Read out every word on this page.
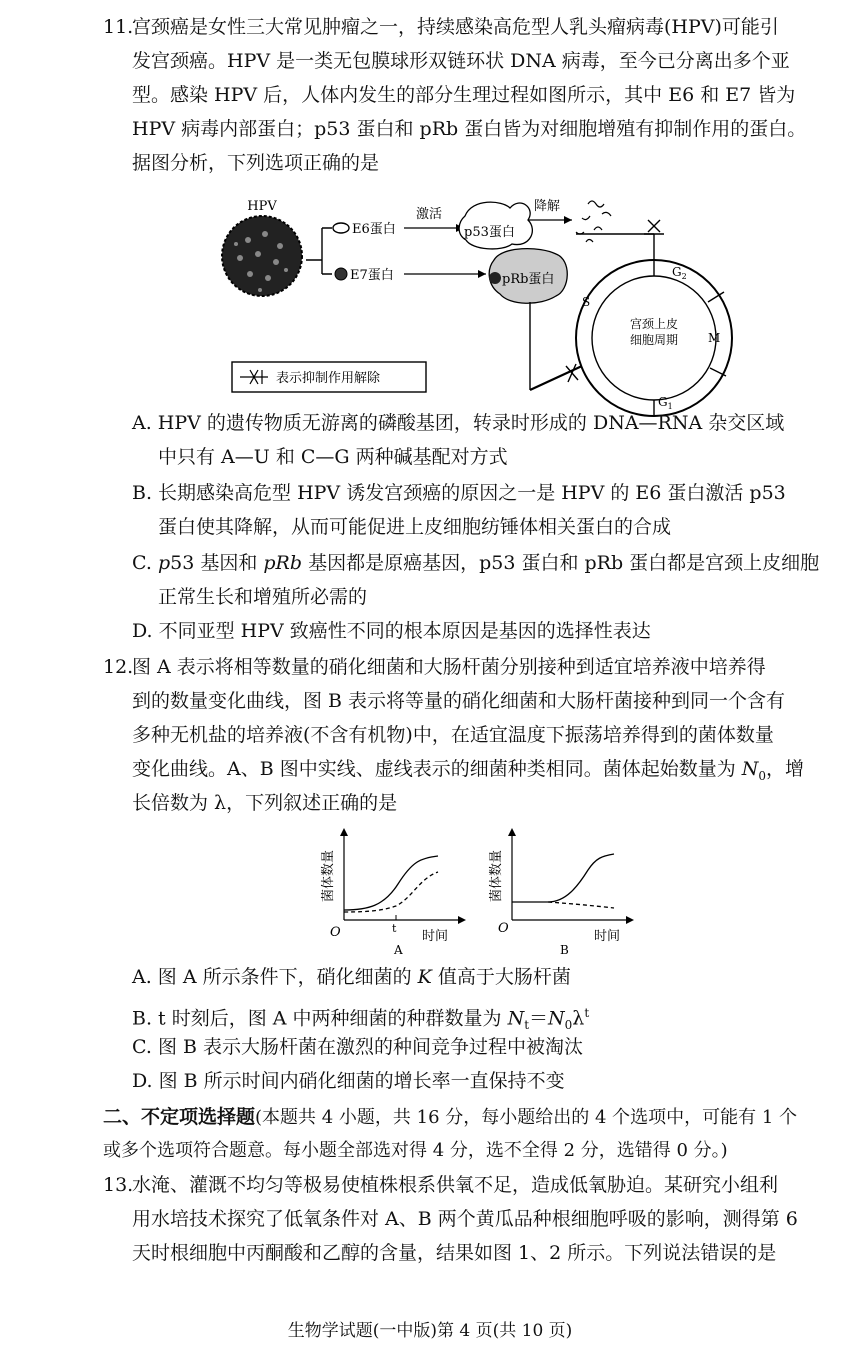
11.
宫颈癌是女性三大常见肿瘤之一，持续感染高危型人乳头瘤病毒(HPV)可能引
发宫颈癌。HPV 是一类无包膜球形双链环状 DNA 病毒，至今已分离出多个亚
型。感染 HPV 后，人体内发生的部分生理过程如图所示，其中 E6 和 E7 皆为
HPV 病毒内部蛋白；p53 蛋白和 pRb 蛋白皆为对细胞增殖有抑制作用的蛋白。
据图分析，下列选项正确的是
HPV
E6蛋白
激活
p53蛋白
降解
E7蛋白	pRb蛋白
宫颈上皮
细胞周期
S
$G_2$
M
$G_1$
表示抑制作用解除
A. HPV 的遗传物质无游离的磷酸基团，转录时形成的 DNA—RNA 杂交区域
中只有 A—U 和 C—G 两种碱基配对方式
B. 长期感染高危型 HPV 诱发宫颈癌的原因之一是 HPV 的 E6 蛋白激活 p53
蛋白使其降解，从而可能促进上皮细胞纺锤体相关蛋白的合成
C. p53 基因和 pRb 基因都是原癌基因，p53 蛋白和 pRb 蛋白都是宫颈上皮细胞
正常生长和增殖所必需的
D. 不同亚型 HPV 致癌性不同的根本原因是基因的选择性表达
12.
图 A 表示将相等数量的硝化细菌和大肠杆菌分别接种到适宜培养液中培养得
到的数量变化曲线，图 B 表示将等量的硝化细菌和大肠杆菌接种到同一个含有
多种无机盐的培养液(不含有机物)中，在适宜温度下振荡培养得到的菌体数量
变化曲线。A、B 图中实线、虚线表示的细菌种类相同。菌体起始数量为 $N_0$，增
长倍数为 λ，下列叙述正确的是
菌体数量
t
O	时间
A
菌体数量
O
时间
B
A. 图 A 所示条件下，硝化细菌的 K 值高于大肠杆菌
B. t 时刻后，图 A 中两种细菌的种群数量为 $N_t=N_0\lambda^t$
C. 图 B 表示大肠杆菌在激烈的种间竞争过程中被淘汰
D. 图 B 所示时间内硝化细菌的增长率一直保持不变
二、不定项选择题(本题共 4 小题，共 16 分，每小题给出的 4 个选项中，可能有 1 个
或多个选项符合题意。每小题全部选对得 4 分，选不全得 2 分，选错得 0 分。)
13.
水淹、灌溉不均匀等极易使植株根系供氧不足，造成低氧胁迫。某研究小组利
用水培技术探究了低氧条件对 A、B 两个黄瓜品种根细胞呼吸的影响，测得第 6
天时根细胞中丙酮酸和乙醇的含量，结果如图 1、2 所示。下列说法错误的是
生物学试题(一中版)第 4 页(共 10 页)
